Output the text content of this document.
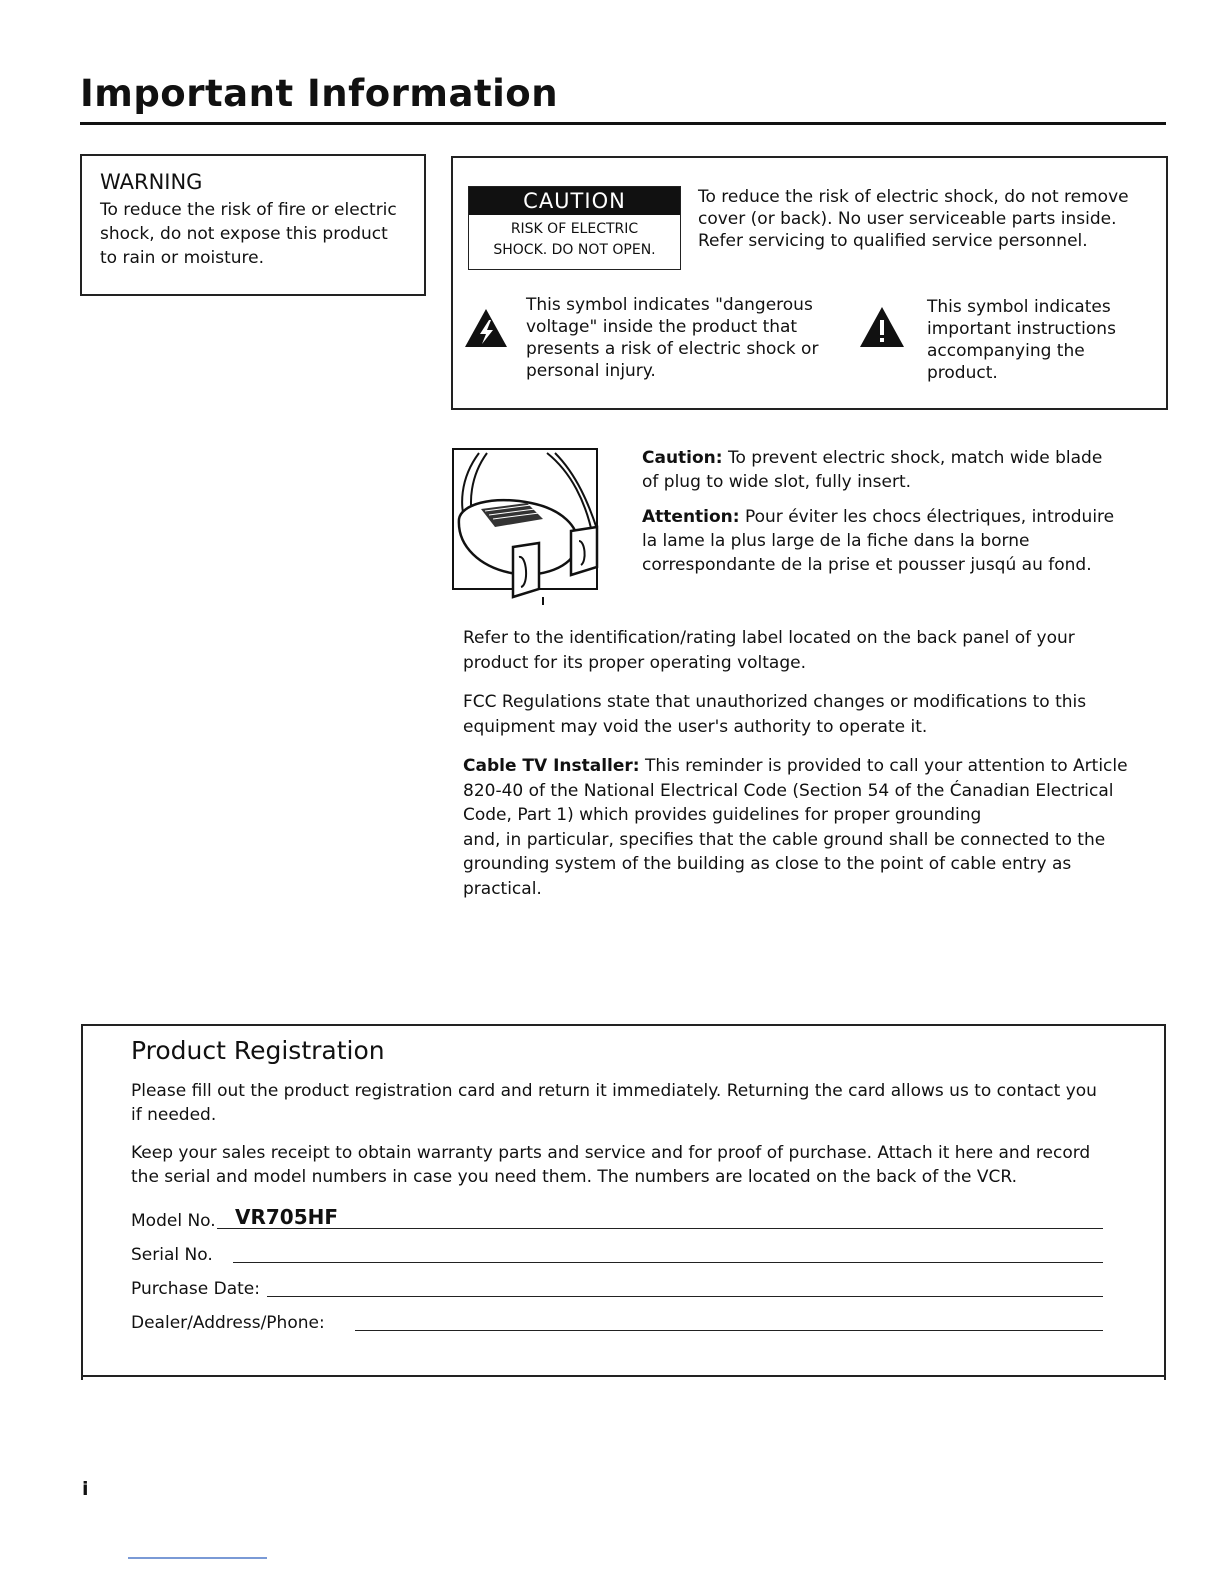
Important Information
WARNING

To reduce the risk of fire or electric shock, do not expose this product to rain or moisture.

CAUTION
RISK OF ELECTRIC
SHOCK. DO NOT OPEN.

To reduce the risk of electric shock, do not remove cover (or back). No user serviceable parts inside. Refer servicing to qualified service personnel.

This symbol indicates "dangerous voltage" inside the product that presents a risk of electric shock or personal injury.

This symbol indicates important instructions accompanying the product.

Caution: To prevent electric shock, match wide blade of plug to wide slot, fully insert.

Attention: Pour éviter les chocs électriques, introduire la lame la plus large de la fiche dans la borne correspondante de la prise et pousser jusqú au fond.

Refer to the identification/rating label located on the back panel of your product for its proper operating voltage.

FCC Regulations state that unauthorized changes or modifications to this equipment may void the user's authority to operate it.

Cable TV Installer: This reminder is provided to call your attention to Article 820-40 of the National Electrical Code (Section 54 of the Ćanadian Electrical Code, Part 1) which provides guidelines for proper grounding

and, in particular, specifies that the cable ground shall be connected to the grounding system of the building as close to the point of cable entry as practical.

Product Registration

Please fill out the product registration card and return it immediately. Returning the card allows us to contact you if needed.

Keep your sales receipt to obtain warranty parts and service and for proof of purchase. Attach it here and record the serial and model numbers in case you need them. The numbers are located on the back of the VCR.

Model No. VR705HF
Serial No.
Purchase Date:
Dealer/Address/Phone:
i
